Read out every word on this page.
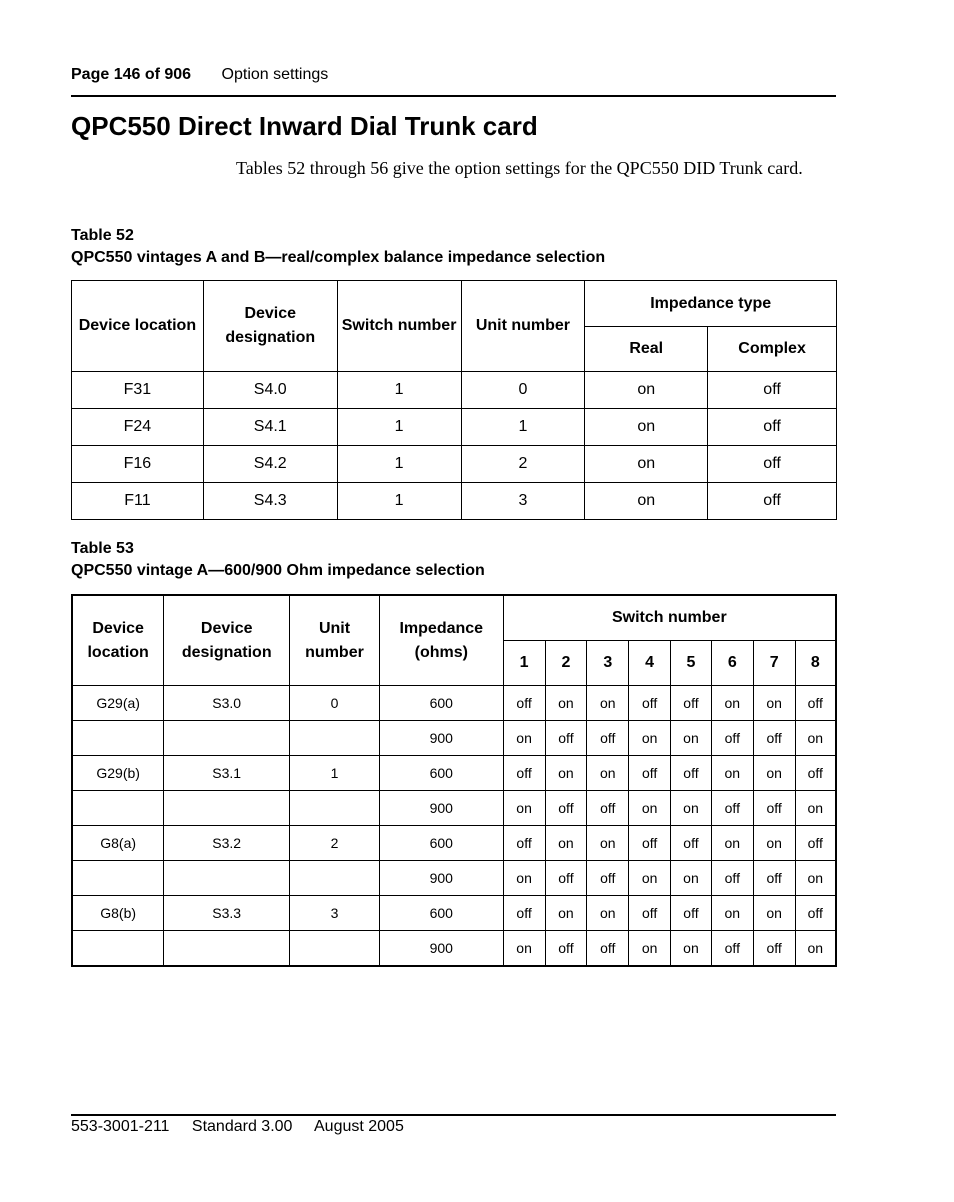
Page 146 of 906 Option settings
QPC550 Direct Inward Dial Trunk card

Tables 52 through 56 give the option settings for the QPC550 DID Trunk card.

Table 52
QPC550 vintages A and B—real/complex balance impedance selection
Device location	Device designation	Switch number	Unit number	Impedance type	
				Real	Complex
F31	S4.0	1	0	on	off
F24	S4.1	1	1	on	off
F16	S4.2	1	2	on	off
F11	S4.3	1	3	on	off
Table 53
QPC550 vintage A—600/900 Ohm impedance selection
Device location	Device designation	Unit number	Impedance (ohms)	Switch number							
				1	2	3	4	5	6	7	8
G29(a)	S3.0	0	600	off	on	on	off	off	on	on	off
			900	on	off	off	on	on	off	off	on
G29(b)	S3.1	1	600	off	on	on	off	off	on	on	off
			900	on	off	off	on	on	off	off	on
G8(a)	S3.2	2	600	off	on	on	off	off	on	on	off
			900	on	off	off	on	on	off	off	on
G8(b)	S3.3	3	600	off	on	on	off	off	on	on	off
			900	on	off	off	on	on	off	off	on
553-3001-211 Standard 3.00 August 2005
